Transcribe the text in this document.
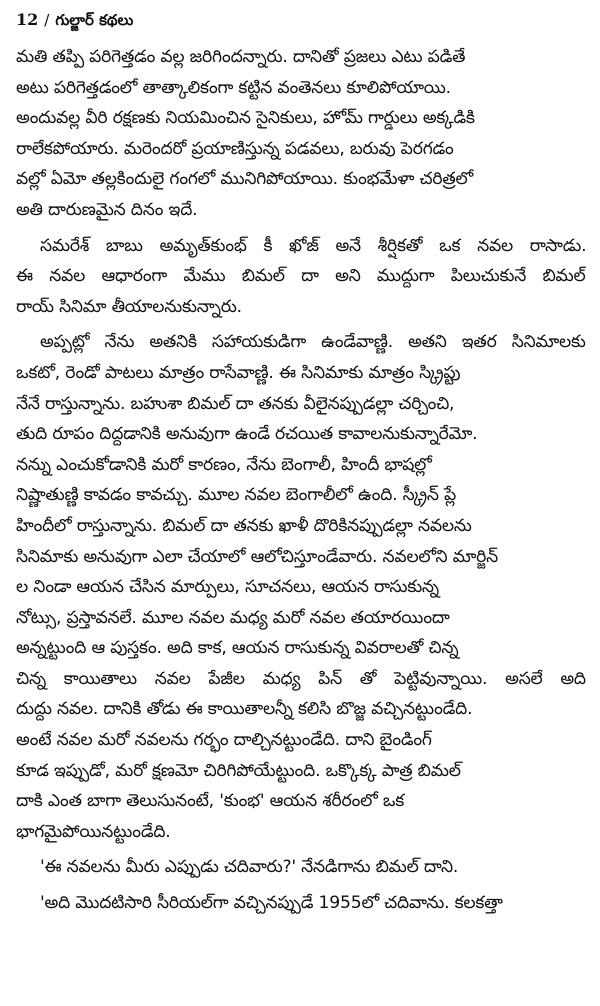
12 / గుల్జార్ కథలు
మతి తప్పి పరిగెత్తడం వల్ల జరిగిందన్నారు. దానితో ప్రజలు ఎటు పడితే
అటు పరిగెత్తడంలో తాత్కాలికంగా కట్టిన వంతెనలు కూలిపోయాయి.
అందువల్ల వీరి రక్షణకు నియమించిన సైనికులు, హోమ్ గార్డులు అక్కడికి
రాలేకపోయారు. మరెందరో ప్రయాణిస్తున్న పడవలు, బరువు పెరగడం
వల్లో ఏమో తల్లకిందులై గంగలో మునిగిపోయాయి. కుంభమేళా చరిత్రలో
అతి దారుణమైన దినం ఇదే.
సమరేశ్ బాబు అమృత్‌కుంభ్ కీ ఖోజ్ అనే శీర్షికతో ఒక నవల రాసాడు.
ఈ నవల ఆధారంగా మేము బిమల్ దా అని ముద్దుగా పిలుచుకునే బిమల్
రాయ్ సినిమా తీయాలనుకున్నారు.
అప్పట్లో నేను అతనికి సహాయకుడిగా ఉండేవాణ్ణి. అతని ఇతర సినిమాలకు
ఒకటో, రెండో పాటలు మాత్రం రాసేవాణ్ణి. ఈ సినిమాకు మాత్రం స్క్రిప్టు
నేనే రాస్తున్నాను. బహుశా బిమల్ దా తనకు వీలైనప్పుడల్లా చర్చించి,
తుది రూపం దిద్దడానికి అనువుగా ఉండే రచయిత కావాలనుకున్నారేమో.
నన్ను ఎంచుకోడానికి మరో కారణం, నేను బెంగాలీ, హిందీ భాషల్లో
నిష్ణాతుణ్ణి కావడం కావచ్చు. మూల నవల బెంగాలీలో ఉంది. స్క్రీన్ ప్లే
హిందీలో రాస్తున్నాను. బిమల్ దా తనకు ఖాళీ దొరికినప్పుడల్లా నవలను
సినిమాకు అనువుగా ఎలా చేయాలో ఆలోచిస్తూండేవారు. నవలలోని మార్జిన్
ల నిండా ఆయన చేసిన మార్పులు, సూచనలు, ఆయన రాసుకున్న
నోట్సు, ప్రస్తావనలే. మూల నవల మధ్య మరో నవల తయారయిందా
అన్నట్టుంది ఆ పుస్తకం. అది కాక, ఆయన రాసుకున్న వివరాలతో చిన్న
చిన్న కాయితాలు నవల పేజీల మధ్య పిన్ తో పెట్టివున్నాయి. అసలే అది
దుద్దు నవల. దానికి తోడు ఈ కాయితాలన్నీ కలిసి బొజ్జ వచ్చినట్టుండేది.
అంటే నవల మరో నవలను గర్భం దాల్చినట్టుండేది. దాని బైండింగ్
కూడ ఇప్పుడో, మరో క్షణమో చిరిగిపోయేట్టుంది. ఒక్కొక్క పాత్ర బిమల్
దాకి ఎంత బాగా తెలుసునంటే, 'కుంభ' ఆయన శరీరంలో ఒక
భాగమైపోయినట్టుండేది.
'ఈ నవలను మీరు ఎప్పుడు చదివారు?' నేనడిగాను బిమల్ దాని.
'అది మొదటిసారి సీరియల్‌గా వచ్చినప్పుడే 1955లో చదివాను. కలకత్తా
